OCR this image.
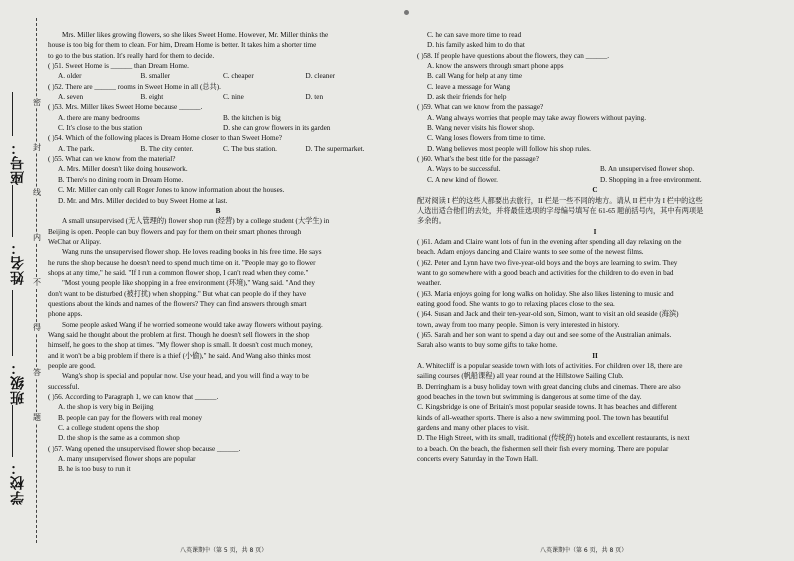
座号：
姓名：
班级：
学校：
密
封
线
内
不
得
答
题
Mrs. Miller likes growing flowers, so she likes Sweet Home. However, Mr. Miller thinks the
house is too big for them to clean. For him, Dream Home is better. It takes him a shorter time
to go to the bus station. It's really hard for them to decide.
( )51. Sweet Home is ______ than Dream Home.
A. older	B. smaller	C. cheaper	D. cleaner
( )52. There are ______ rooms in Sweet Home in all (总共).
A. seven	B. eight	C. nine	D. ten
( )53. Mrs. Miller likes Sweet Home because ______.
A. there are many bedrooms	B. the kitchen is big
C. It's close to the bus station	D. she can grow flowers in its garden
( )54. Which of the following places is Dream Home closer to than Sweet Home?
A. The park.	B. The city center.	C. The bus station.	D. The supermarket.
( )55. What can we know from the material?
A. Mrs. Miller doesn't like doing housework.
B. There's no dining room in Dream Home.
C. Mr. Miller can only call Roger Jones to know information about the houses.
D. Mr. and Mrs. Miller decided to buy Sweet Home at last.
B
A small unsupervised (无人管理的) flower shop run (经营) by a college student (大学生) in
Beijing is open. People can buy flowers and pay for them on their smart phones through
WeChat or Alipay.
Wang runs the unsupervised flower shop. He loves reading books in his free time. He says
he runs the shop because he doesn't need to spend much time on it. "People may go to flower
shops at any time," he said. "If I run a common flower shop, I can't read when they come."
"Most young people like shopping in a free environment (环境)," Wang said. "And they
don't want to be disturbed (被打扰) when shopping." But what can people do if they have
questions about the kinds and names of the flowers? They can find answers through smart
phone apps.
Some people asked Wang if he worried someone would take away flowers without paying.
Wang said he thought about the problem at first. Though he doesn't sell flowers in the shop
himself, he goes to the shop at times. "My flower shop is small. It doesn't cost much money,
and it won't be a big problem if there is a thief (小偷)," he said. And Wang also thinks most
people are good.
Wang's shop is special and popular now. Use your head, and you will find a way to be
successful.
( )56. According to Paragraph 1, we can know that ______.
A. the shop is very big in Beijing
B. people can pay for the flowers with real money
C. a college student opens the shop
D. the shop is the same as a common shop
( )57. Wang opened the unsupervised flower shop because ______.
A. many unsupervised flower shops are popular
B. he is too busy to run it
C. he can save more time to read
D. his family asked him to do that
( )58. If people have questions about the flowers, they can ______.
A. know the answers through smart phone apps
B. call Wang for help at any time
C. leave a message for Wang
D. ask their friends for help
( )59. What can we know from the passage?
A. Wang always worries that people may take away flowers without paying.
B. Wang never visits his flower shop.
C. Wang loses flowers from time to time.
D. Wang believes most people will follow his shop rules.
( )60. What's the best title for the passage?
A. Ways to be successful.	B. An unsupervised flower shop.
C. A new kind of flower.	D. Shopping in a free environment.
C
配对阅读 I 栏的这些人都要出去旅行，II 栏是一些不同的地方。请从 II 栏中为 I 栏中的这些
人选出适合他们的去处，并将最佳选项的字母编号填写在 61-65 题前括号内，其中有两项是
多余的。
I
( )61. Adam and Claire want lots of fun in the evening after spending all day relaxing on the
beach. Adam enjoys dancing and Claire wants to see some of the newest films.
( )62. Peter and Lynn have two five-year-old boys and the boys are learning to swim. They
want to go somewhere with a good beach and activities for the children to do even in bad
weather.
( )63. Maria enjoys going for long walks on holiday. She also likes listening to music and
eating good food. She wants to go to relaxing places close to the sea.
( )64. Susan and Jack and their ten-year-old son, Simon, want to visit an old seaside (海滨)
town, away from too many people. Simon is very interested in history.
( )65. Sarah and her son want to spend a day out and see some of the Australian animals.
Sarah also wants to buy some gifts to take home.
II
A. Whitecliff is a popular seaside town with lots of activities. For children over 18, there are
sailing courses (帆船课程) all year round at the Hillstowe Sailing Club.
B. Derringham is a busy holiday town with great dancing clubs and cinemas. There are also
good beaches in the town but swimming is dangerous at some time of the day.
C. Kingsbridge is one of Britain's most popular seaside towns. It has beaches and different
kinds of all-weather sports. There is also a new swimming pool. The town has beautiful
gardens and many other places to visit.
D. The High Street, with its small, traditional (传统的) hotels and excellent restaurants, is next
to a beach. On the beach, the fishermen sell their fish every morning. There are popular
concerts every Saturday in the Town Hall.
八英课期中（第 5 页，共 8 页）	八英课期中（第 6 页，共 8 页）
